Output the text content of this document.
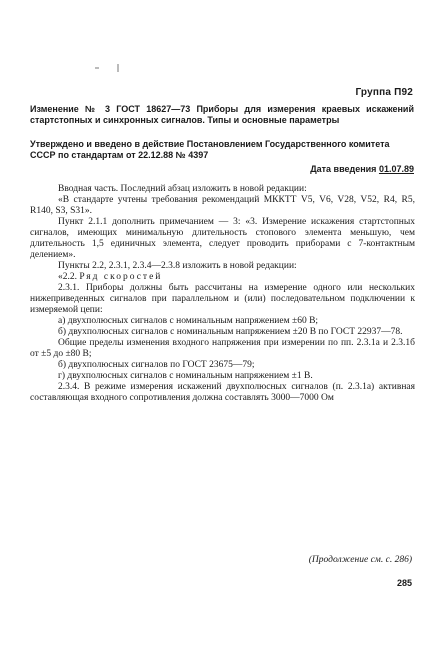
Группа П92
Изменение № 3 ГОСТ 18627—73 Приборы для измерения краевых искажений стартстопных и синхронных сигналов. Типы и основные параметры
Утверждено и введено в действие Постановлением Государственного комитета СССР по стандартам от 22.12.88 № 4397
Дата введения 01.07.89

Вводная часть. Последний абзац изложить в новой редакции:

«В стандарте учтены требования рекомендаций МККТТ V5, V6, V28, V52, R4, R5, R140, S3, S31».

Пункт 2.1.1 дополнить примечанием — 3: «3. Измерение искажения стартстопных сигналов, имеющих минимальную длительность стопового элемента меньшую, чем длительность 1,5 единичных элемента, следует проводить приборами с 7-контактным делением».

Пункты 2.2, 2.3.1, 2.3.4—2.3.8 изложить в новой редакции:

«2.2. Ряд скоростей

2.3.1. Приборы должны быть рассчитаны на измерение одного или нескольких нижеприведенных сигналов при параллельном и (или) последовательном подключении к измеряемой цепи:

а) двухполюсных сигналов с номинальным напряжением ±60 В;

б) двухполюсных сигналов с номинальным напряжением ±20 В по ГОСТ 22937—78.

Общие пределы изменения входного напряжения при измерении по пп. 2.3.1а и 2.3.1б от ±5 до ±80 В;

б) двухполюсных сигналов по ГОСТ 23675—79;

г) двухполюсных сигналов с номинальным напряжением ±1 В.

2.3.4. В режиме измерения искажений двухполюсных сигналов (п. 2.3.1а) активная составляющая входного сопротивления должна составлять 3000—7000 Ом

(Продолжение см. с. 286)
285
